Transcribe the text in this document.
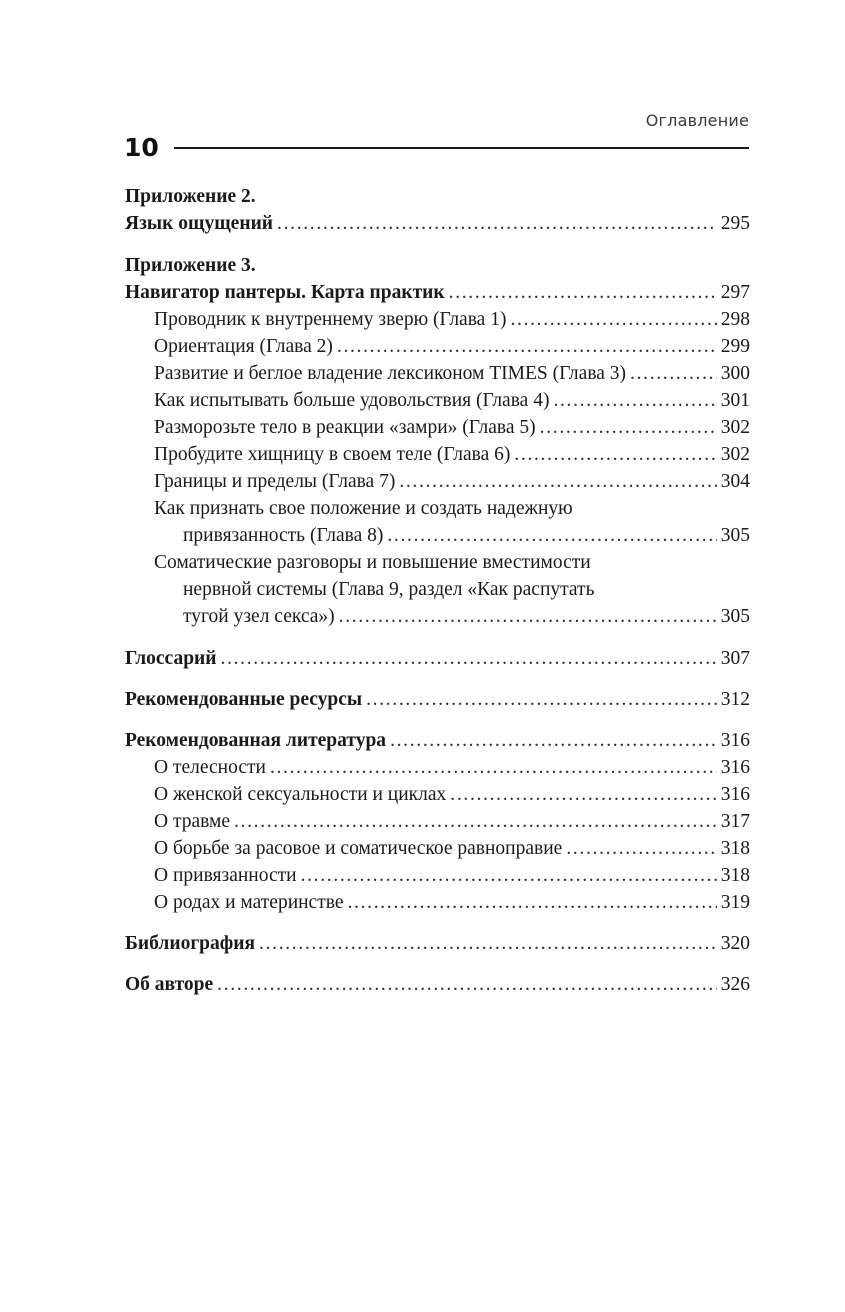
Оглавление
10
Приложение 2.
Язык ощущений . . .	295
Приложение 3.
Навигатор пантеры. Карта практик . . .	297
Проводник к внутреннему зверю (Глава 1) . . .	298
Ориентация (Глава 2) . . .	299
Развитие и беглое владение лексиконом TIMES (Глава 3) . . .	300
Как испытывать больше удовольствия (Глава 4) . . .	301
Разморозьте тело в реакции «замри» (Глава 5) . . .	302
Пробудите хищницу в своем теле (Глава 6) . . .	302
Границы и пределы (Глава 7) . . .	304
Как признать свое положение и создать надежную
привязанность (Глава 8) . . .	305
Соматические разговоры и повышение вместимости
нервной системы (Глава 9, раздел «Как распутать
тугой узел секса») . . .	305
Глоссарий . . .	307
Рекомендованные ресурсы . . .	312
Рекомендованная литература . . .	316
О телесности . . .	316
О женской сексуальности и циклах . . .	316
О травме . . .	317
О борьбе за расовое и соматическое равноправие . . .	318
О привязанности . . .	318
О родах и материнстве . . .	319
Библиография . . .	320
Об авторе . . .	326
